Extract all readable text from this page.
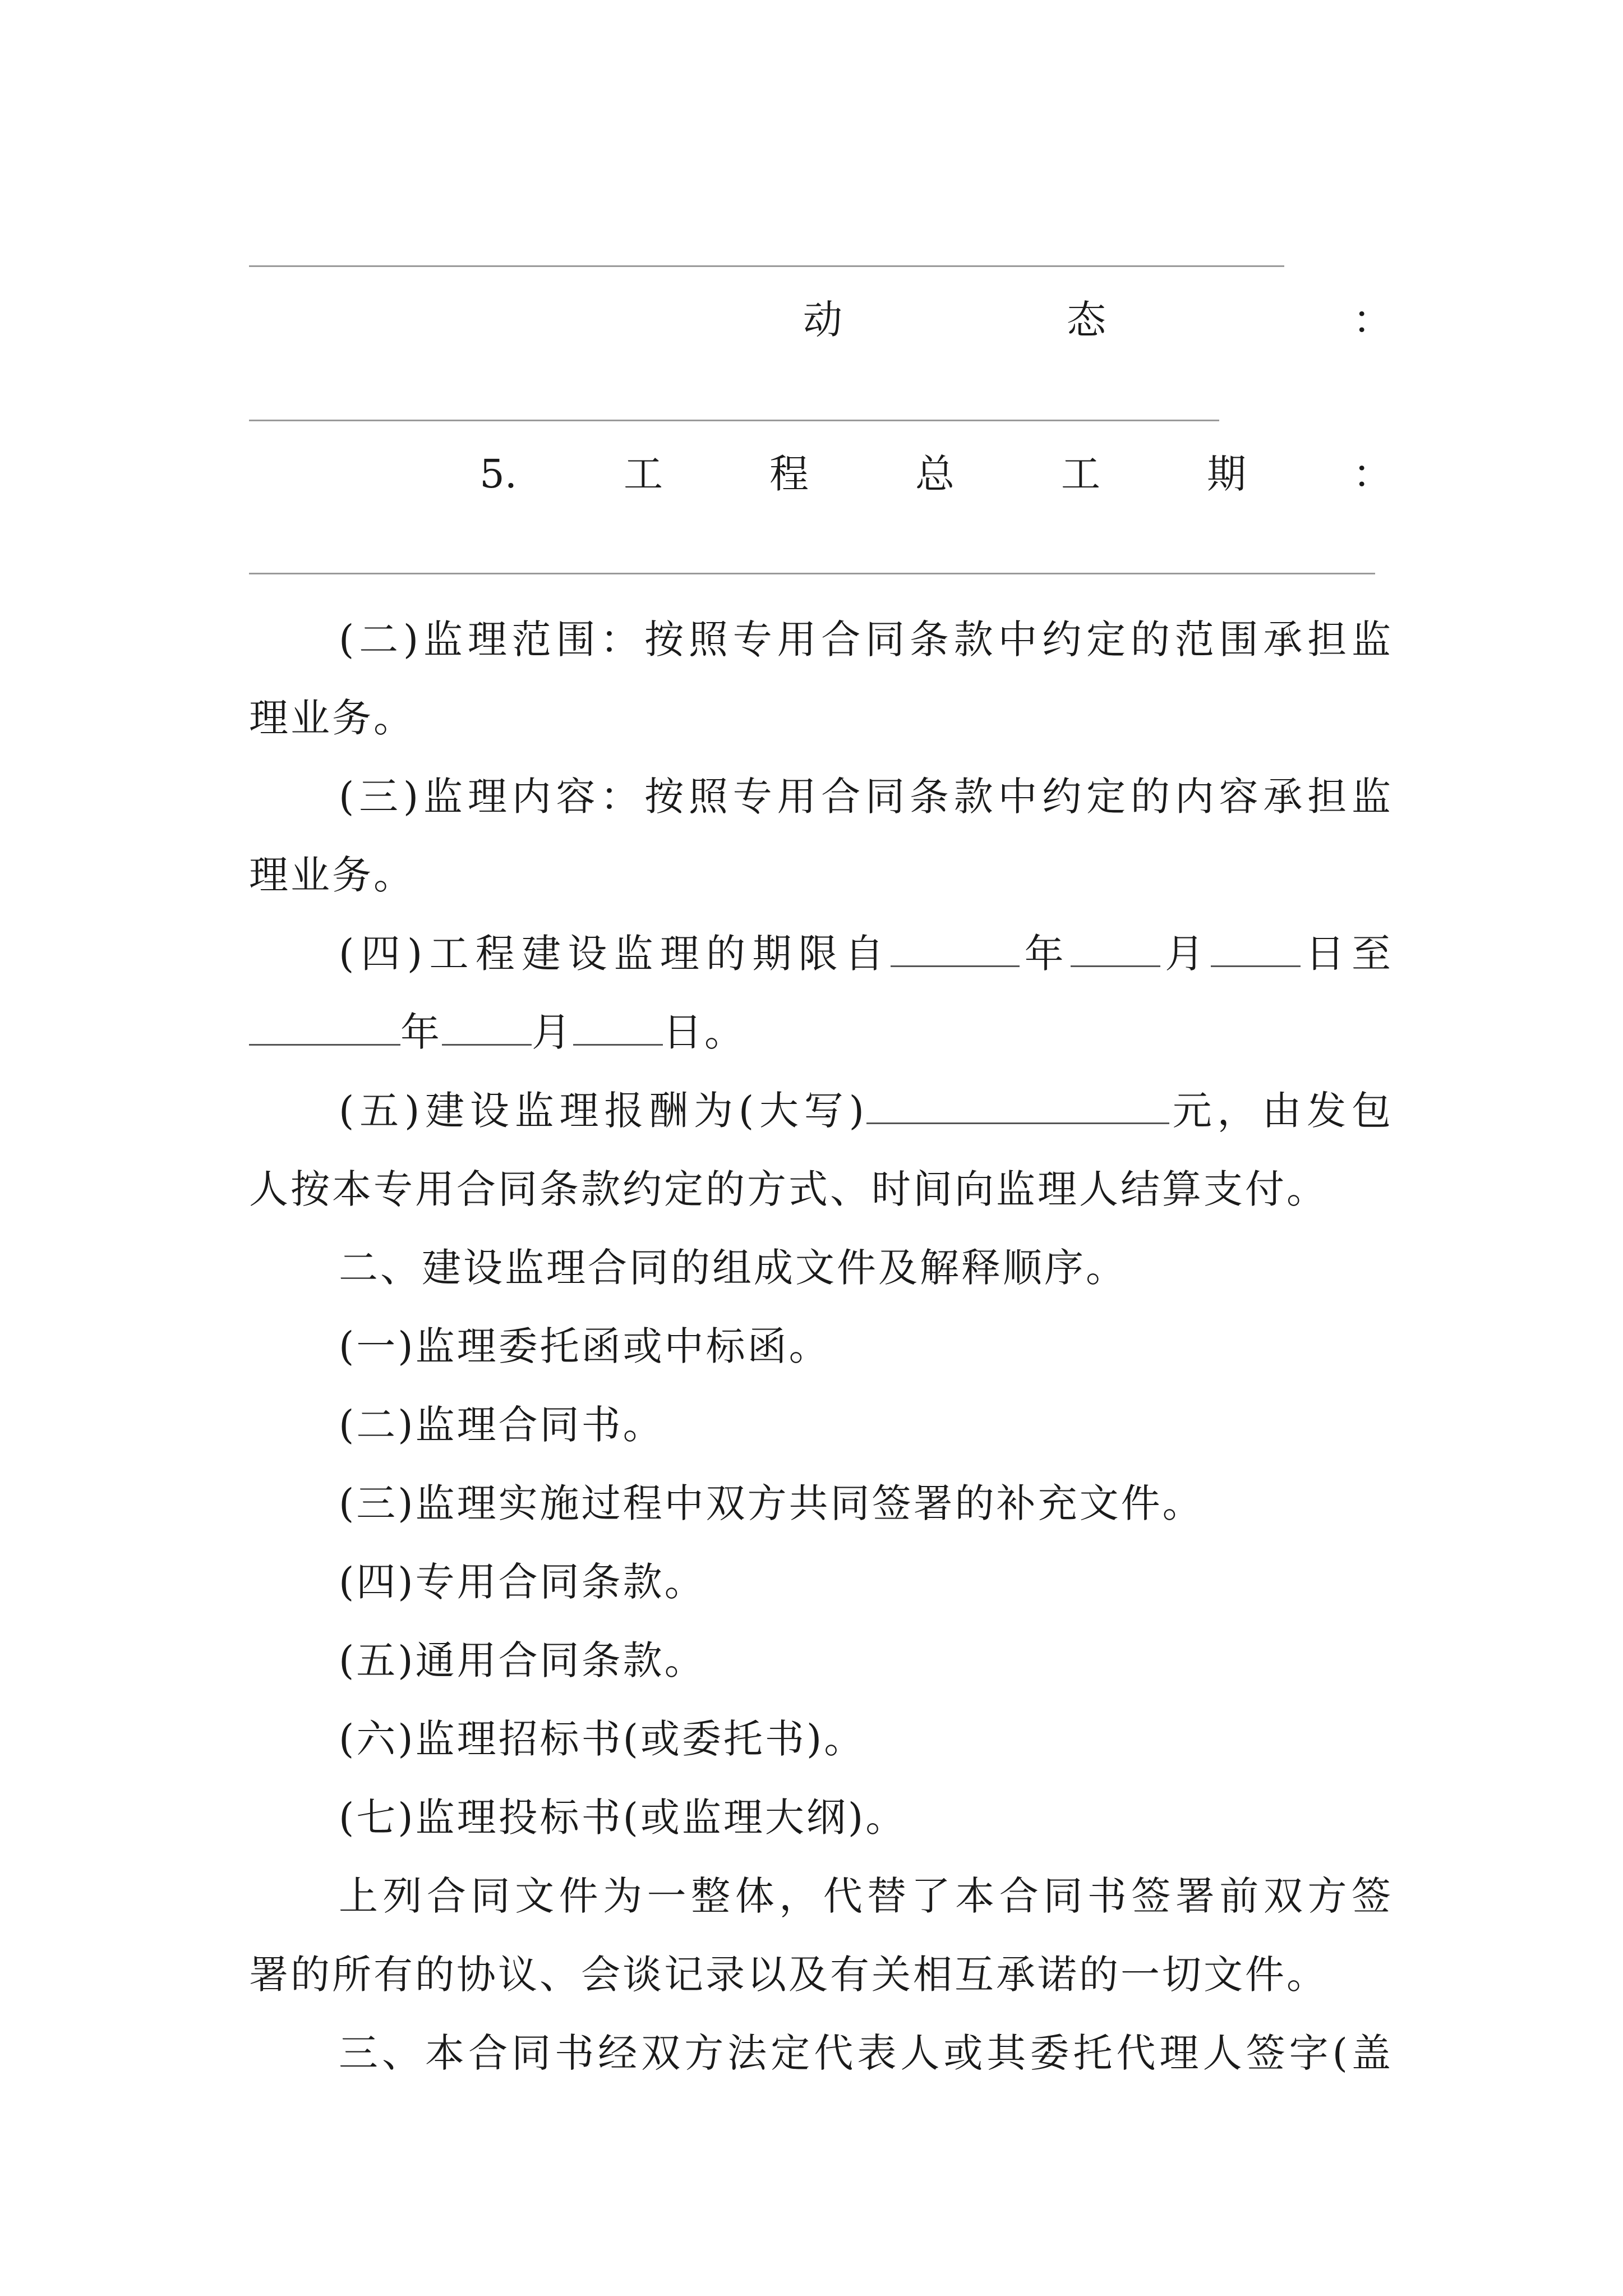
动	态	：
5.	工	程	总	工	期	：
(二)监理范围：按照专用合同条款中约定的范围承担监
理业务。
(三)监理内容：按照专用合同条款中约定的内容承担监
理业务。
(四)工程建设监理的期限自	年 月 日至
年 月 日。
(五)建设监理报酬为(大写)	元，由发包
人按本专用合同条款约定的方式、时间向监理人结算支付。
二、建设监理合同的组成文件及解释顺序。
(一)监理委托函或中标函。
(二)监理合同书。
(三)监理实施过程中双方共同签署的补充文件。
(四)专用合同条款。
(五)通用合同条款。
(六)监理招标书(或委托书)。
(七)监理投标书(或监理大纲)。
上列合同文件为一整体，代替了本合同书签署前双方签
署的所有的协议、会谈记录以及有关相互承诺的一切文件。
三、本合同书经双方法定代表人或其委托代理人签字(盖
